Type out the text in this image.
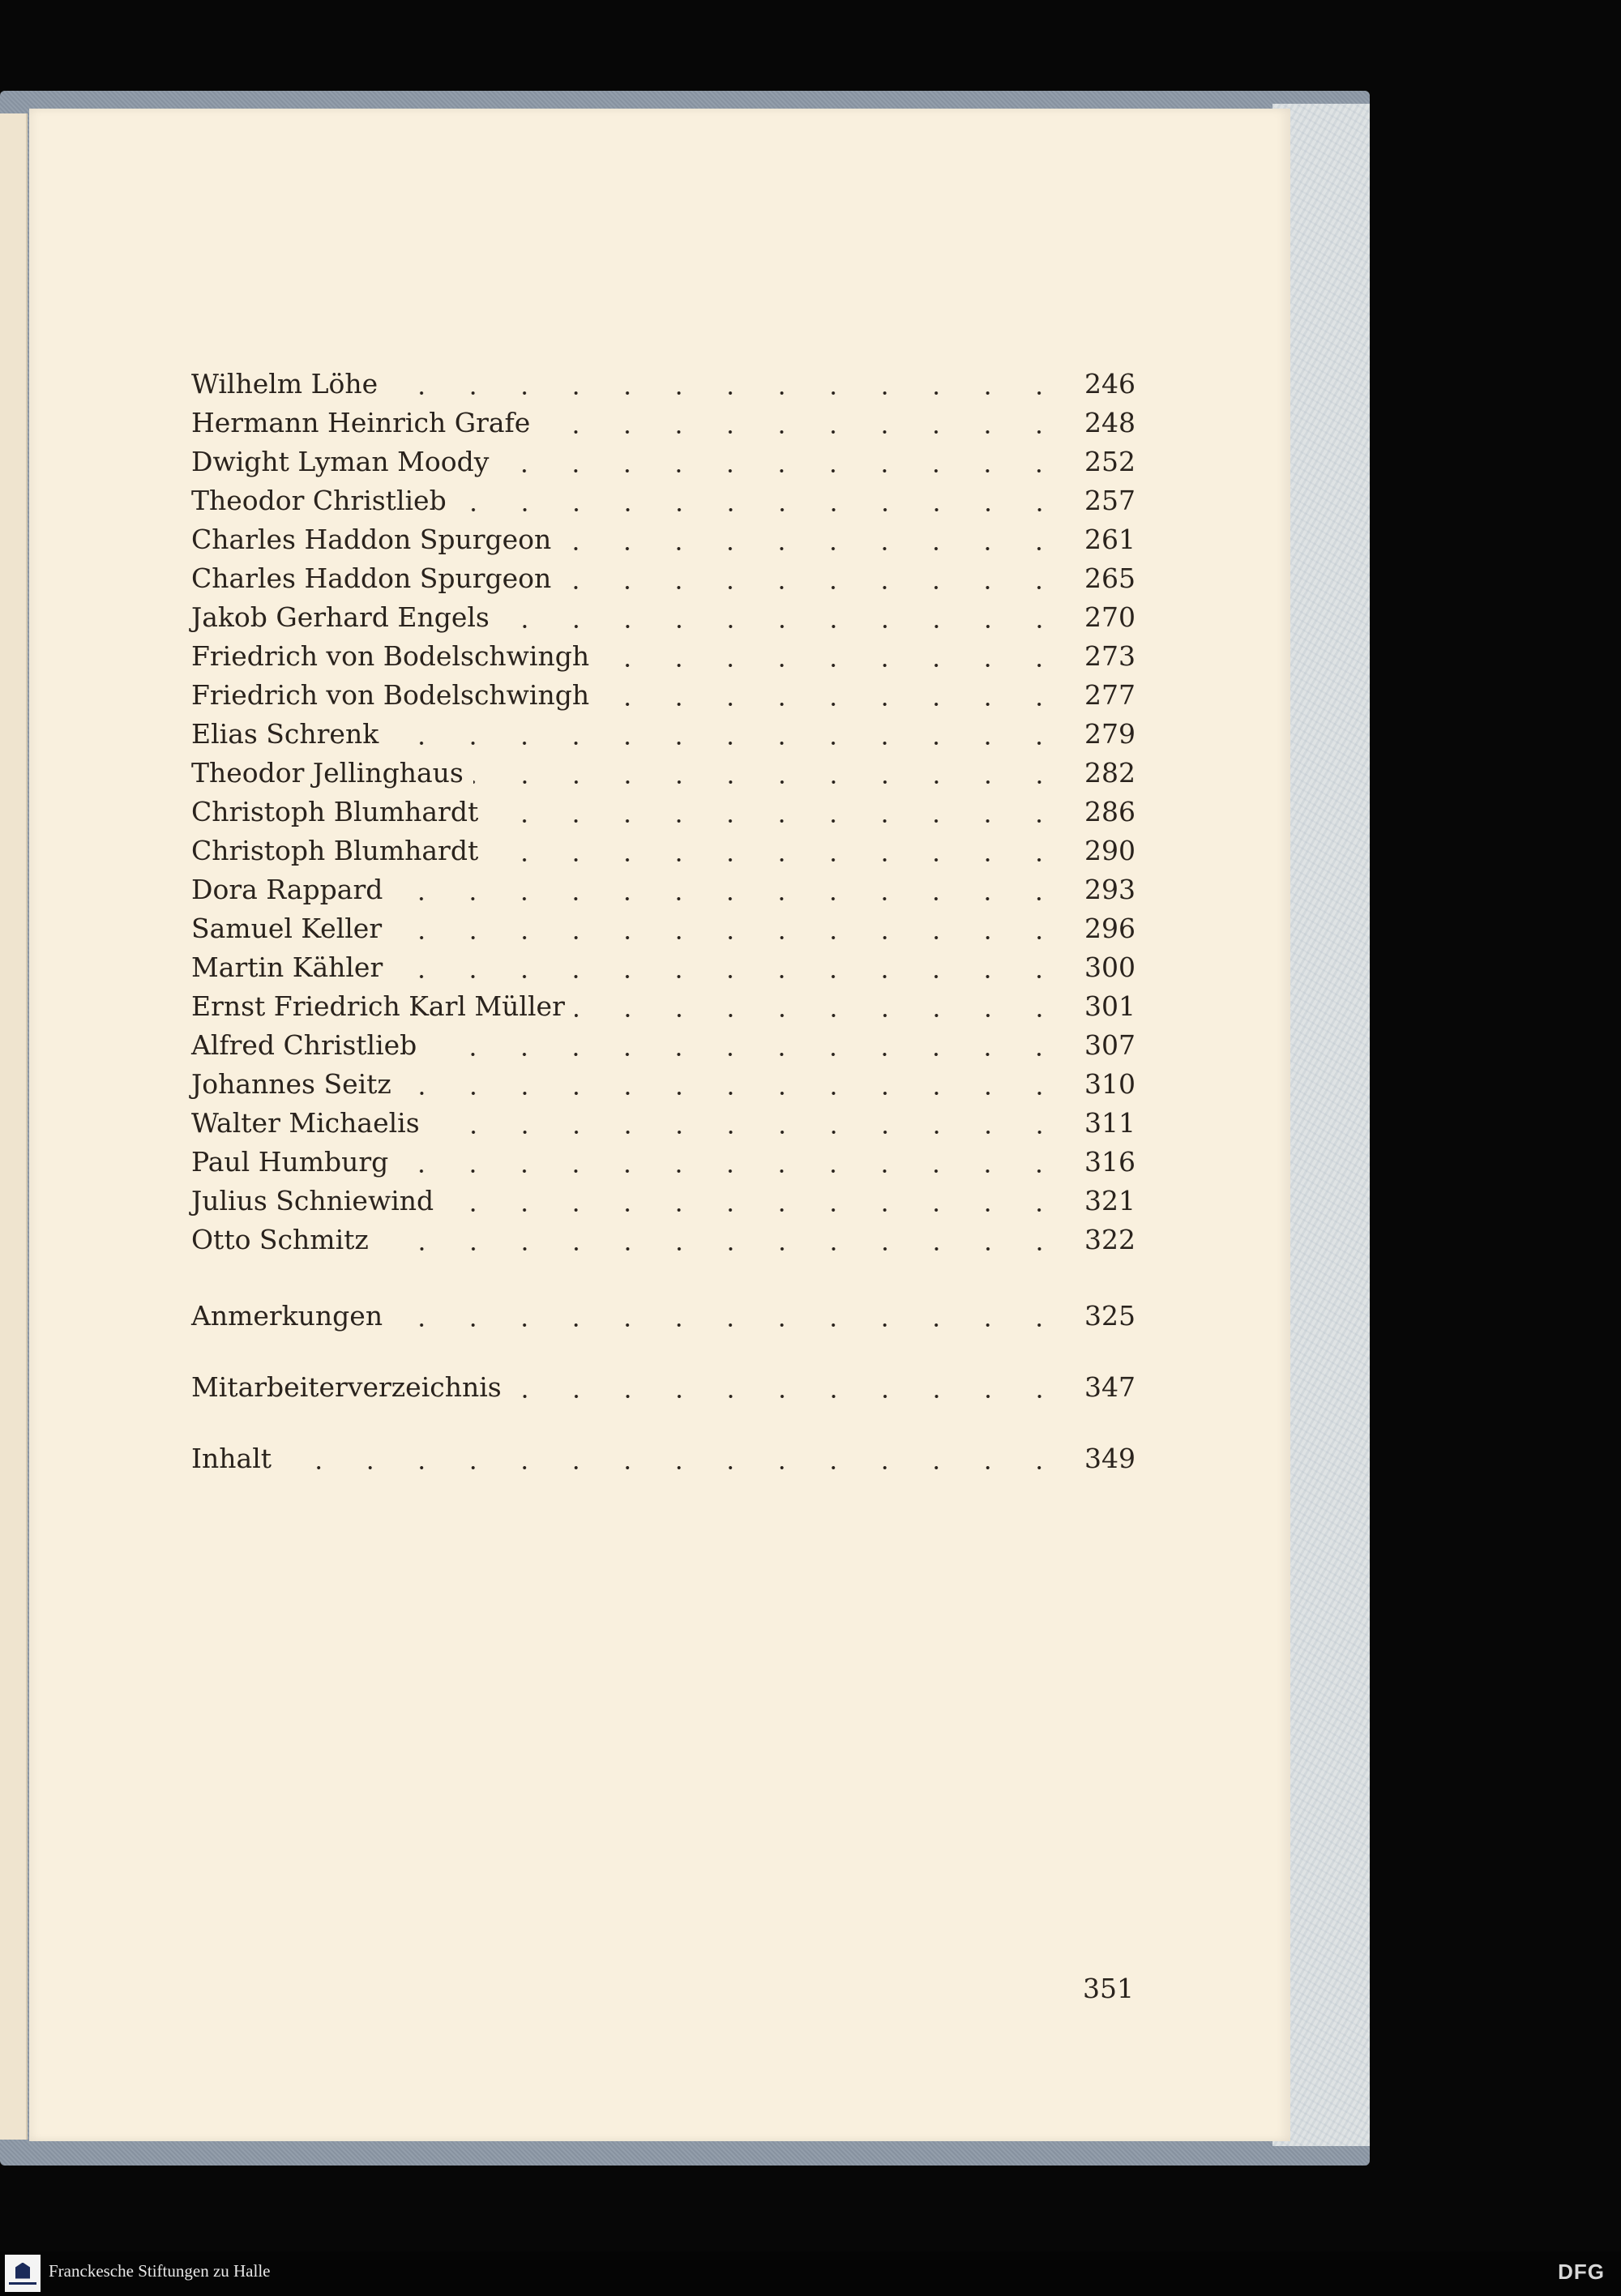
Wilhelm Löhe	246
Hermann Heinrich Grafe	248
Dwight Lyman Moody	252
Theodor Christlieb	257
Charles Haddon Spurgeon	261
Charles Haddon Spurgeon	265
Jakob Gerhard Engels	270
Friedrich von Bodelschwingh	273
Friedrich von Bodelschwingh	277
Elias Schrenk	279
Theodor Jellinghaus	282
Christoph Blumhardt	286
Christoph Blumhardt	290
Dora Rappard	293
Samuel Keller	296
Martin Kähler	300
Ernst Friedrich Karl Müller	301
Alfred Christlieb	307
Johannes Seitz	310
Walter Michaelis	311
Paul Humburg	316
Julius Schniewind	321
Otto Schmitz	322
Anmerkungen	325
Mitarbeiterverzeichnis	347
Inhalt	349
351
Franckesche Stiftungen zu Halle	DFG
